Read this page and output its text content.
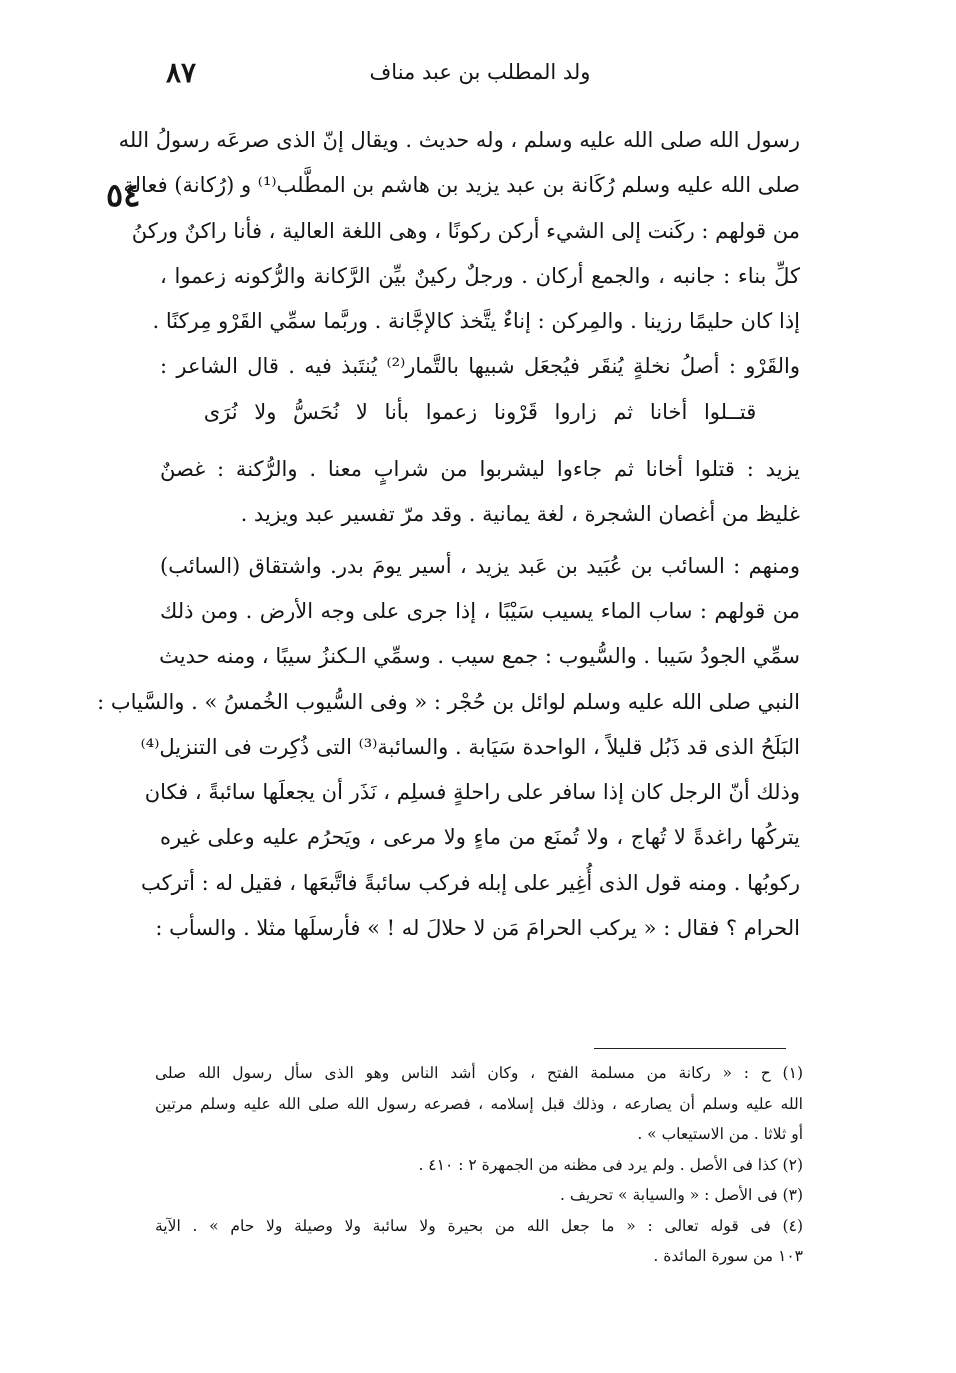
ولد المطلب بن عبد مناف
٨٧
٥٤
رسول الله صلى الله عليه وسلم ، وله حديث . ويقال إنّ الذى صرعَه رسولُ الله
صلى الله عليه وسلم رُكَانة بن عبد يزيد بن هاشم بن المطَّلب⁽¹⁾ و (رُكانة) فعالة
من قولهم : ركَنت إلى الشيء أركن ركونًا ، وهى اللغة العالية ، فأنا راكنٌ وركنُ
كلِّ بناء : جانبه ، والجمع أركان . ورجلٌ ركينٌ بيِّن الرَّكانة والرُّكونه زعموا ،
إذا كان حليمًا رزينا . والمِركن : إناءٌ يتَّخذ كالإجَّانة . وربَّما سمِّي القَرْو مِركنًا .
والقَرْو : أصلُ نخلةٍ يُنقَر فيُجعَل شبيها بالتَّمار⁽²⁾ يُنتَبذ فيه . قال الشاعر :
قتــلوا أخانا ثم زاروا قَرْونا زعموا بأنا لا نُحَسُّ ولا نُرَى
يزيد : قتلوا أخانا ثم جاءوا ليشربوا من شرابٍ معنا . والرُّكنة : غصنٌ
غليظ من أغصان الشجرة ، لغة يمانية . وقد مرّ تفسير عبد ويزيد .
ومنهم : السائب بن عُبَيد بن عَبد يزيد ، أسير يومَ بدر. واشتقاق (السائب)
من قولهم : ساب الماء يسيب سَيْبًا ، إذا جرى على وجه الأرض . ومن ذلك
سمِّي الجودُ سَيبا . والسُّيوب : جمع سيب . وسمِّي الـكنزُ سيبًا ، ومنه حديث
النبي صلى الله عليه وسلم لوائل بن حُجْر : « وفى السُّيوب الخُمسُ » . والسَّياب :
البَلَحُ الذى قد ذَبُل قليلاً ، الواحدة سَيَابة . والسائبة⁽³⁾ التى ذُكِرت فى التنزيل⁽⁴⁾
وذلك أنّ الرجل كان إذا سافر على راحلةٍ فسلِم ، نَذَر أن يجعلَها سائبةً ، فكان
يتركُها راغدةً لا تُهاج ، ولا تُمنَع من ماءٍ ولا مرعى ، ويَحرُم عليه وعلى غيره
ركوبُها . ومنه قول الذى أُغِير على إبله فركب سائبةً فاتَّبعَها ، فقيل له : أتركب
الحرام ؟ فقال : « يركب الحرامَ مَن لا حلالَ له ! » فأرسلَها مثلا . والسأب :
(١) ح : « ركانة من مسلمة الفتح ، وكان أشد الناس وهو الذى سأل رسول الله صلى
الله عليه وسلم أن يصارعه ، وذلك قبل إسلامه ، فصرعه رسول الله صلى الله عليه وسلم مرتين
أو ثلاثا . من الاستيعاب » .
(٢) كذا فى الأصل . ولم يرد فى مظنه من الجمهرة ٢ : ٤١٠ .
(٣) فى الأصل : « والسيابة » تحريف .
(٤) فى قوله تعالى : « ما جعل الله من بحيرة ولا سائبة ولا وصيلة ولا حام » . الآية
١٠٣ من سورة المائدة .
